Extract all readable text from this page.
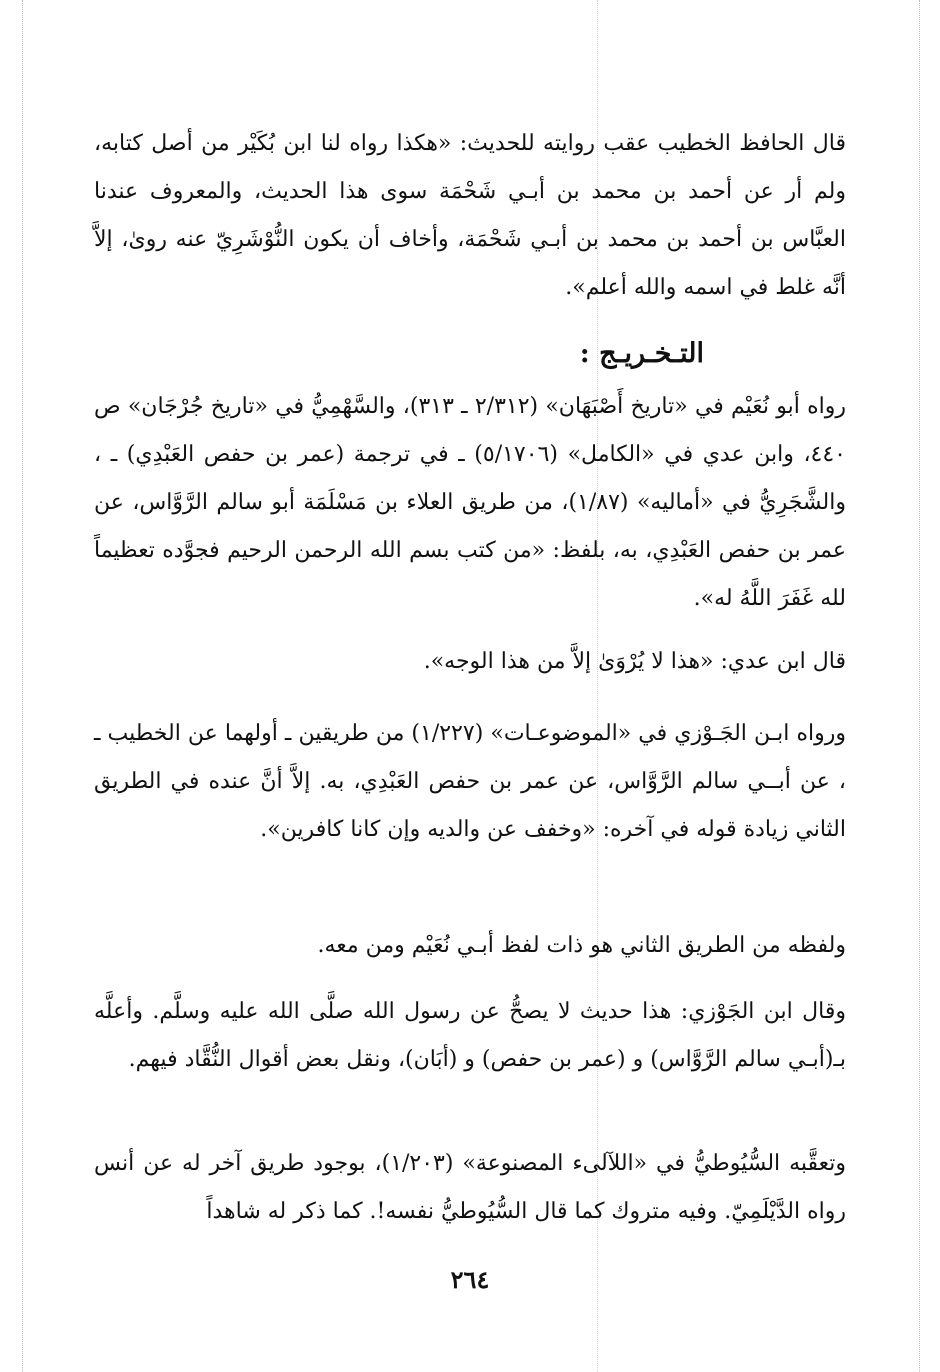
قال الحافظ الخطيب عقب روايته للحديث: «هكذا رواه لنا ابن بُكَيْر من أصل كتابه، ولم أر عن أحمد بن محمد بن أبـي شَحْمَة سوى هذا الحديث، والمعروف عندنا العبَّاس بن أحمد بن محمد بن أبـي شَحْمَة، وأخاف أن يكون النُّوْشَرِيّ عنه روىٰ، إلاَّ أنَّه غلط في اسمه والله أعلم».

التـخـريـج :

رواه أبو نُعَيْم في «تاريخ أَصْبَهَان» (٢/٣١٢ ـ ٣١٣)، والسَّهْمِيُّ في «تاريخ جُرْجَان» ص ٤٤٠، وابن عدي في «الكامل» (٥/١٧٠٦) ـ في ترجمة (عمر بن حفص العَبْدِي) ـ ، والشَّجَرِيُّ في «أماليه» (١/٨٧)، من طريق العلاء بن مَسْلَمَة أبو سالم الرَّوَّاس، عن عمر بن حفص العَبْدِي، به، بلفظ: «من كتب بسم الله الرحمن الرحيم فجوَّده تعظيماً لله غَفَرَ اللَّهُ له».

قال ابن عدي: «هذا لا يُرْوَىٰ إلاَّ من هذا الوجه».

ورواه ابـن الجَـوْزي في «الموضوعـات» (١/٢٢٧) من طريقين ـ أولهما عن الخطيب ـ ، عن أبــي سالم الرَّوَّاس، عن عمر بن حفص العَبْدِي، به. إلاَّ أنَّ عنده في الطريق الثاني زيادة قوله في آخره: «وخفف عن والديه وإن كانا كافرين».

ولفظه من الطريق الثاني هو ذات لفظ أبـي نُعَيْم ومن معه.

وقال ابن الجَوْزي: هذا حديث لا يصحُّ عن رسول الله صلَّى الله عليه وسلَّم. وأعلَّه بـ(أبـي سالم الرَّوَّاس) و (عمر بن حفص) و (أبَان)، ونقل بعض أقوال النُّقَّاد فيهم.

وتعقَّبه السُّيُوطيُّ في «اللآلىء المصنوعة» (١/٢٠٣)، بوجود طريق آخر له عن أنس رواه الدَّيْلَمِيّ. وفيه متروك كما قال السُّيُوطيُّ نفسه!. كما ذكر له شاهداً

٢٦٤
